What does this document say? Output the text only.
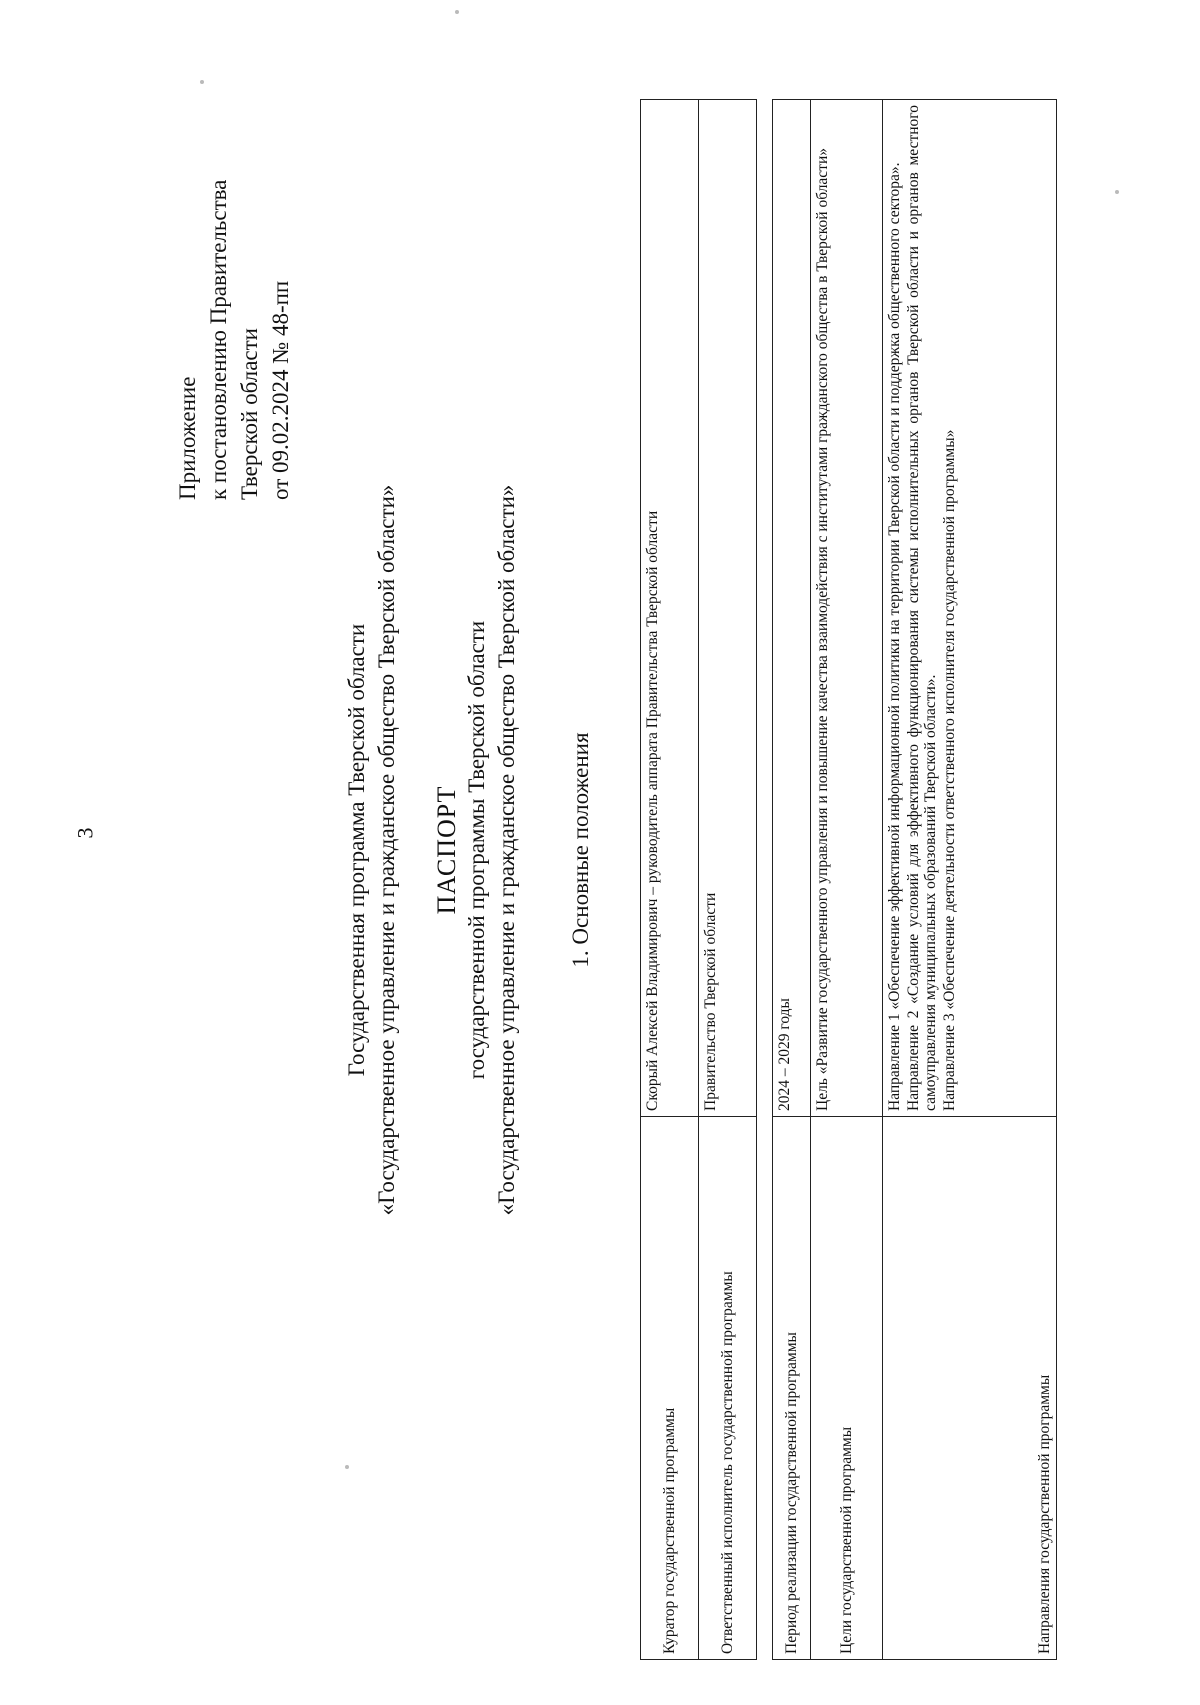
3
Приложение к постановлению Правительства Тверской области от 09.02.2024 № 48-пп
Государственная программа Тверской области «Государственное управление и гражданское общество Тверской области» ПАСПОРТ государственной программы Тверской области «Государственное управление и гражданское общество Тверской области» 1. Основные положения
Куратор государственной программы	Скорый Алексей Владимирович – руководитель аппарата Правительства Тверской области
Ответственный исполнитель государственной программы	Правительство Тверской области
Период реализации государственной программы	2024 – 2029 годы
Цели государственной программы	Цель «Развитие государственного управления и повышение качества взаимодействия с институтами гражданского общества в Тверской области»
Направления государственной программы	Направление 1 «Обеспечение эффективной информационной политики на территории Тверской области и поддержка общественного сектора». Направление 2 «Создание условий для эффективного функционирования системы исполнительных органов Тверской области и органов местного самоуправления муниципальных образований Тверской области». Направление 3 «Обеспечение деятельности ответственного исполнителя государственной программы»
